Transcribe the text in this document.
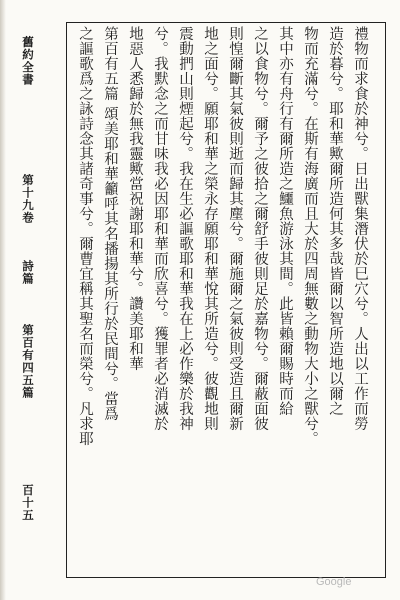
舊約全書
第十九卷
詩篇
第百有四五篇
百十五
禮物而求食於神兮。日出獸集潛伏於巳穴兮。人出以工作而勞
造於暮兮。耶和華歟爾所造何其多哉皆爾以智所造地以爾之
物而充滿兮。在斯有海廣而且大於四周無數之動物大小之獸兮。
其中亦有舟行有爾所造之鱷魚游泳其間。此皆賴爾賜時而給
之以食物兮。爾予之彼拾之爾舒手彼則足於嘉物兮。爾蔽面彼
則惶爾斷其氣彼則逝而歸其塵兮。爾施爾之氣彼則受造且爾新
地之面兮。願耶和華之榮永存願耶和華悅其所造兮。彼觀地則
震動捫山則煙起兮。我在生必謳歌耶和華我在上必作樂於我神
兮。我默念之而甘味我必因耶和華而欣喜兮。獲罪者必消滅於
地惡人悉歸於無我靈歟當祝謝耶和華兮。讚美耶和華
第百有五篇 頌美耶和華籲呼其名播揚其所行於民間兮。當爲
之謳歌爲之詠詩念其諸奇事兮。爾曹宜稱其聖名而榮兮。凡求耶
Google
